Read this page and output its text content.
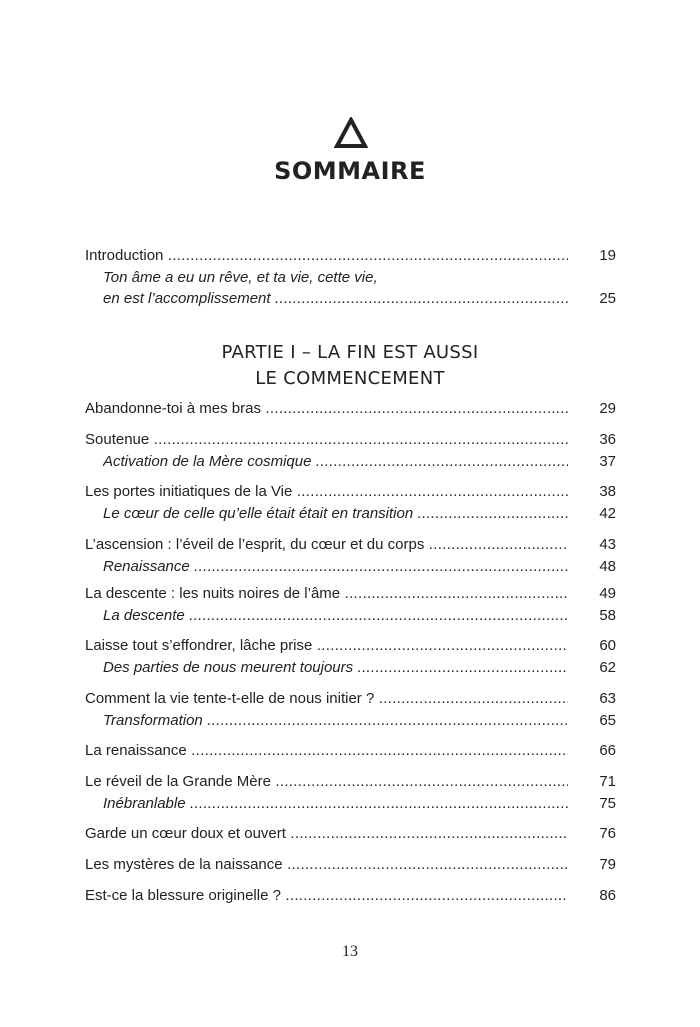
SOMMAIRE
Introduction .....	19
Ton âme a eu un rêve, et ta vie, cette vie,
en est l’accomplissement .....	25
Abandonne-toi à mes bras .....	29
Soutenue .....	36
Activation de la Mère cosmique .....	37
Les portes initiatiques de la Vie .....	38
Le cœur de celle qu’elle était était en transition .....	42
L’ascension : l’éveil de l’esprit, du cœur et du corps .....	43
Renaissance .....	48
La descente : les nuits noires de l’âme .....	49
La descente .....	58
Laisse tout s’effondrer, lâche prise .....	60
Des parties de nous meurent toujours .....	62
Comment la vie tente-t-elle de nous initier ? .....	63
Transformation .....	65
La renaissance .....	66
Le réveil de la Grande Mère .....	71
Inébranlable .....	75
Garde un cœur doux et ouvert .....	76
Les mystères de la naissance .....	79
Est-ce la blessure originelle ? .....	86
PARTIE I – LA FIN EST AUSSI
LE COMMENCEMENT
13
